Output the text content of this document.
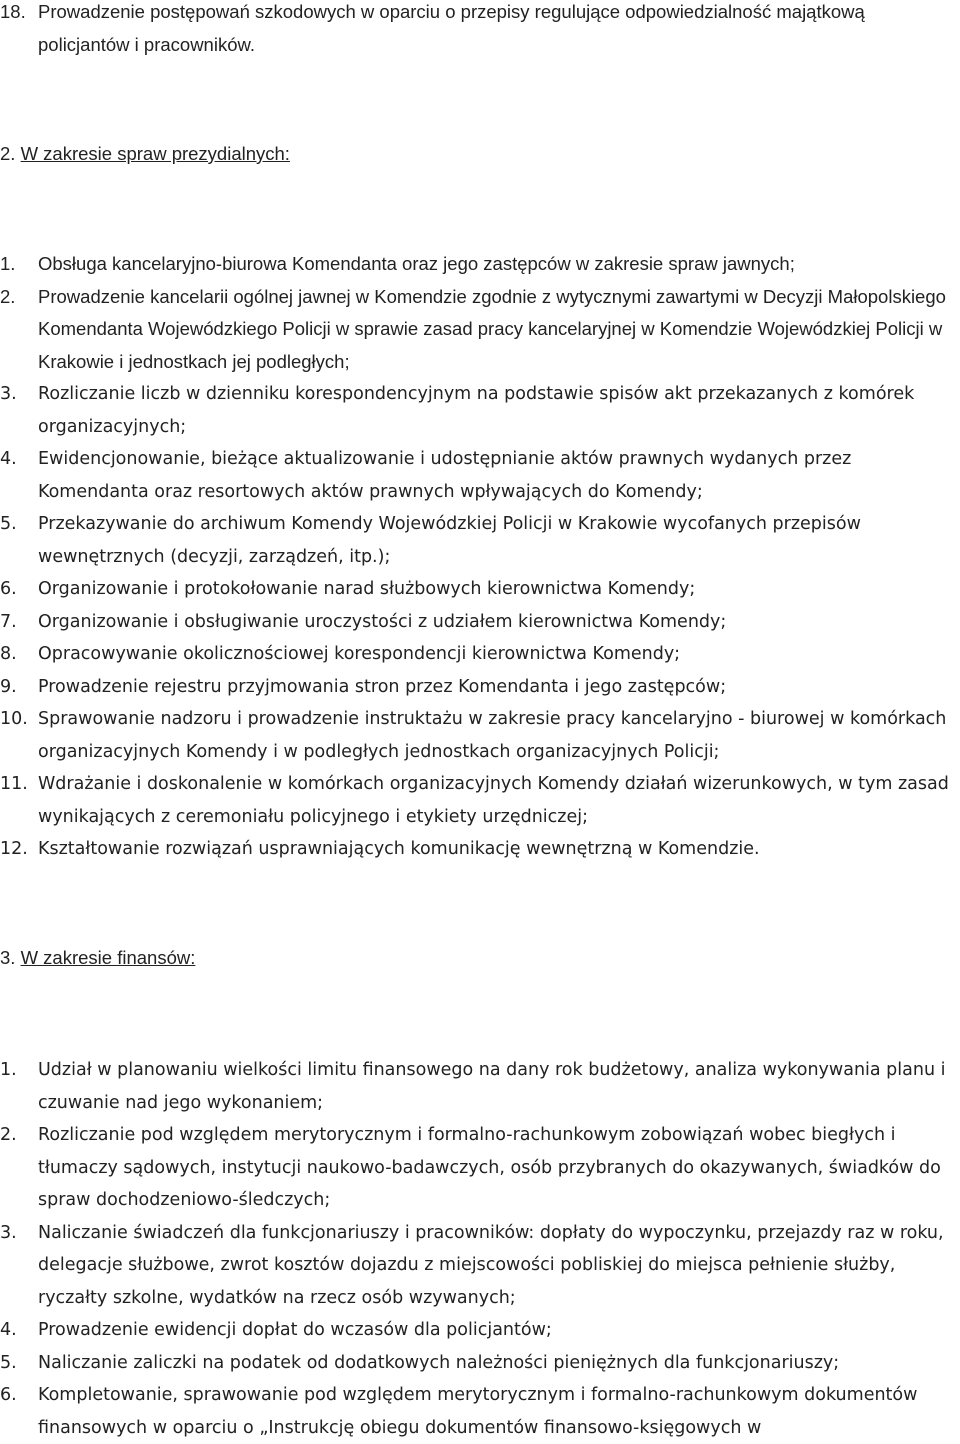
18. Prowadzenie postępowań szkodowych w oparciu o przepisy regulujące odpowiedzialność majątkową policjantów i pracowników.
2. W zakresie spraw prezydialnych:
1. Obsługa kancelaryjno-biurowa Komendanta oraz jego zastępców w zakresie spraw jawnych;
2. Prowadzenie kancelarii ogólnej jawnej w Komendzie zgodnie z wytycznymi zawartymi w Decyzji Małopolskiego Komendanta Wojewódzkiego Policji w sprawie zasad pracy kancelaryjnej w Komendzie Wojewódzkiej Policji w Krakowie i jednostkach jej podległych;
3. Rozliczanie liczb w dzienniku korespondencyjnym na podstawie spisów akt przekazanych z komórek organizacyjnych;
4. Ewidencjonowanie, bieżące aktualizowanie i udostępnianie aktów prawnych wydanych przez Komendanta oraz resortowych aktów prawnych wpływających do Komendy;
5. Przekazywanie do archiwum Komendy Wojewódzkiej Policji w Krakowie wycofanych przepisów wewnętrznych (decyzji, zarządzeń, itp.);
6. Organizowanie i protokołowanie narad służbowych kierownictwa Komendy;
7. Organizowanie i obsługiwanie uroczystości z udziałem kierownictwa Komendy;
8. Opracowywanie okolicznościowej korespondencji kierownictwa Komendy;
9. Prowadzenie rejestru przyjmowania stron przez Komendanta i jego zastępców;
10. Sprawowanie nadzoru i prowadzenie instruktażu w zakresie pracy kancelaryjno - biurowej w komórkach organizacyjnych Komendy i w podległych jednostkach organizacyjnych Policji;
11. Wdrażanie i doskonalenie w komórkach organizacyjnych Komendy działań wizerunkowych, w tym zasad wynikających z ceremoniału policyjnego i etykiety urzędniczej;
12. Kształtowanie rozwiązań usprawniających komunikację wewnętrzną w Komendzie.
3. W zakresie finansów:
1. Udział w planowaniu wielkości limitu finansowego na dany rok budżetowy, analiza wykonywania planu i czuwanie nad jego wykonaniem;
2. Rozliczanie pod względem merytorycznym i formalno-rachunkowym zobowiązań wobec biegłych i tłumaczy sądowych, instytucji naukowo-badawczych, osób przybranych do okazywanych, świadków do spraw dochodzeniowo-śledczych;
3. Naliczanie świadczeń dla funkcjonariuszy i pracowników: dopłaty do wypoczynku, przejazdy raz w roku, delegacje służbowe, zwrot kosztów dojazdu z miejscowości pobliskiej do miejsca pełnienie służby, ryczałty szkolne, wydatków na rzecz osób wzywanych;
4. Prowadzenie ewidencji dopłat do wczasów dla policjantów;
5. Naliczanie zaliczki na podatek od dodatkowych należności pieniężnych dla funkcjonariuszy;
6. Kompletowanie, sprawowanie pod względem merytorycznym i formalno-rachunkowym dokumentów finansowych w oparciu o „Instrukcję obiegu dokumentów finansowo-księgowych w
